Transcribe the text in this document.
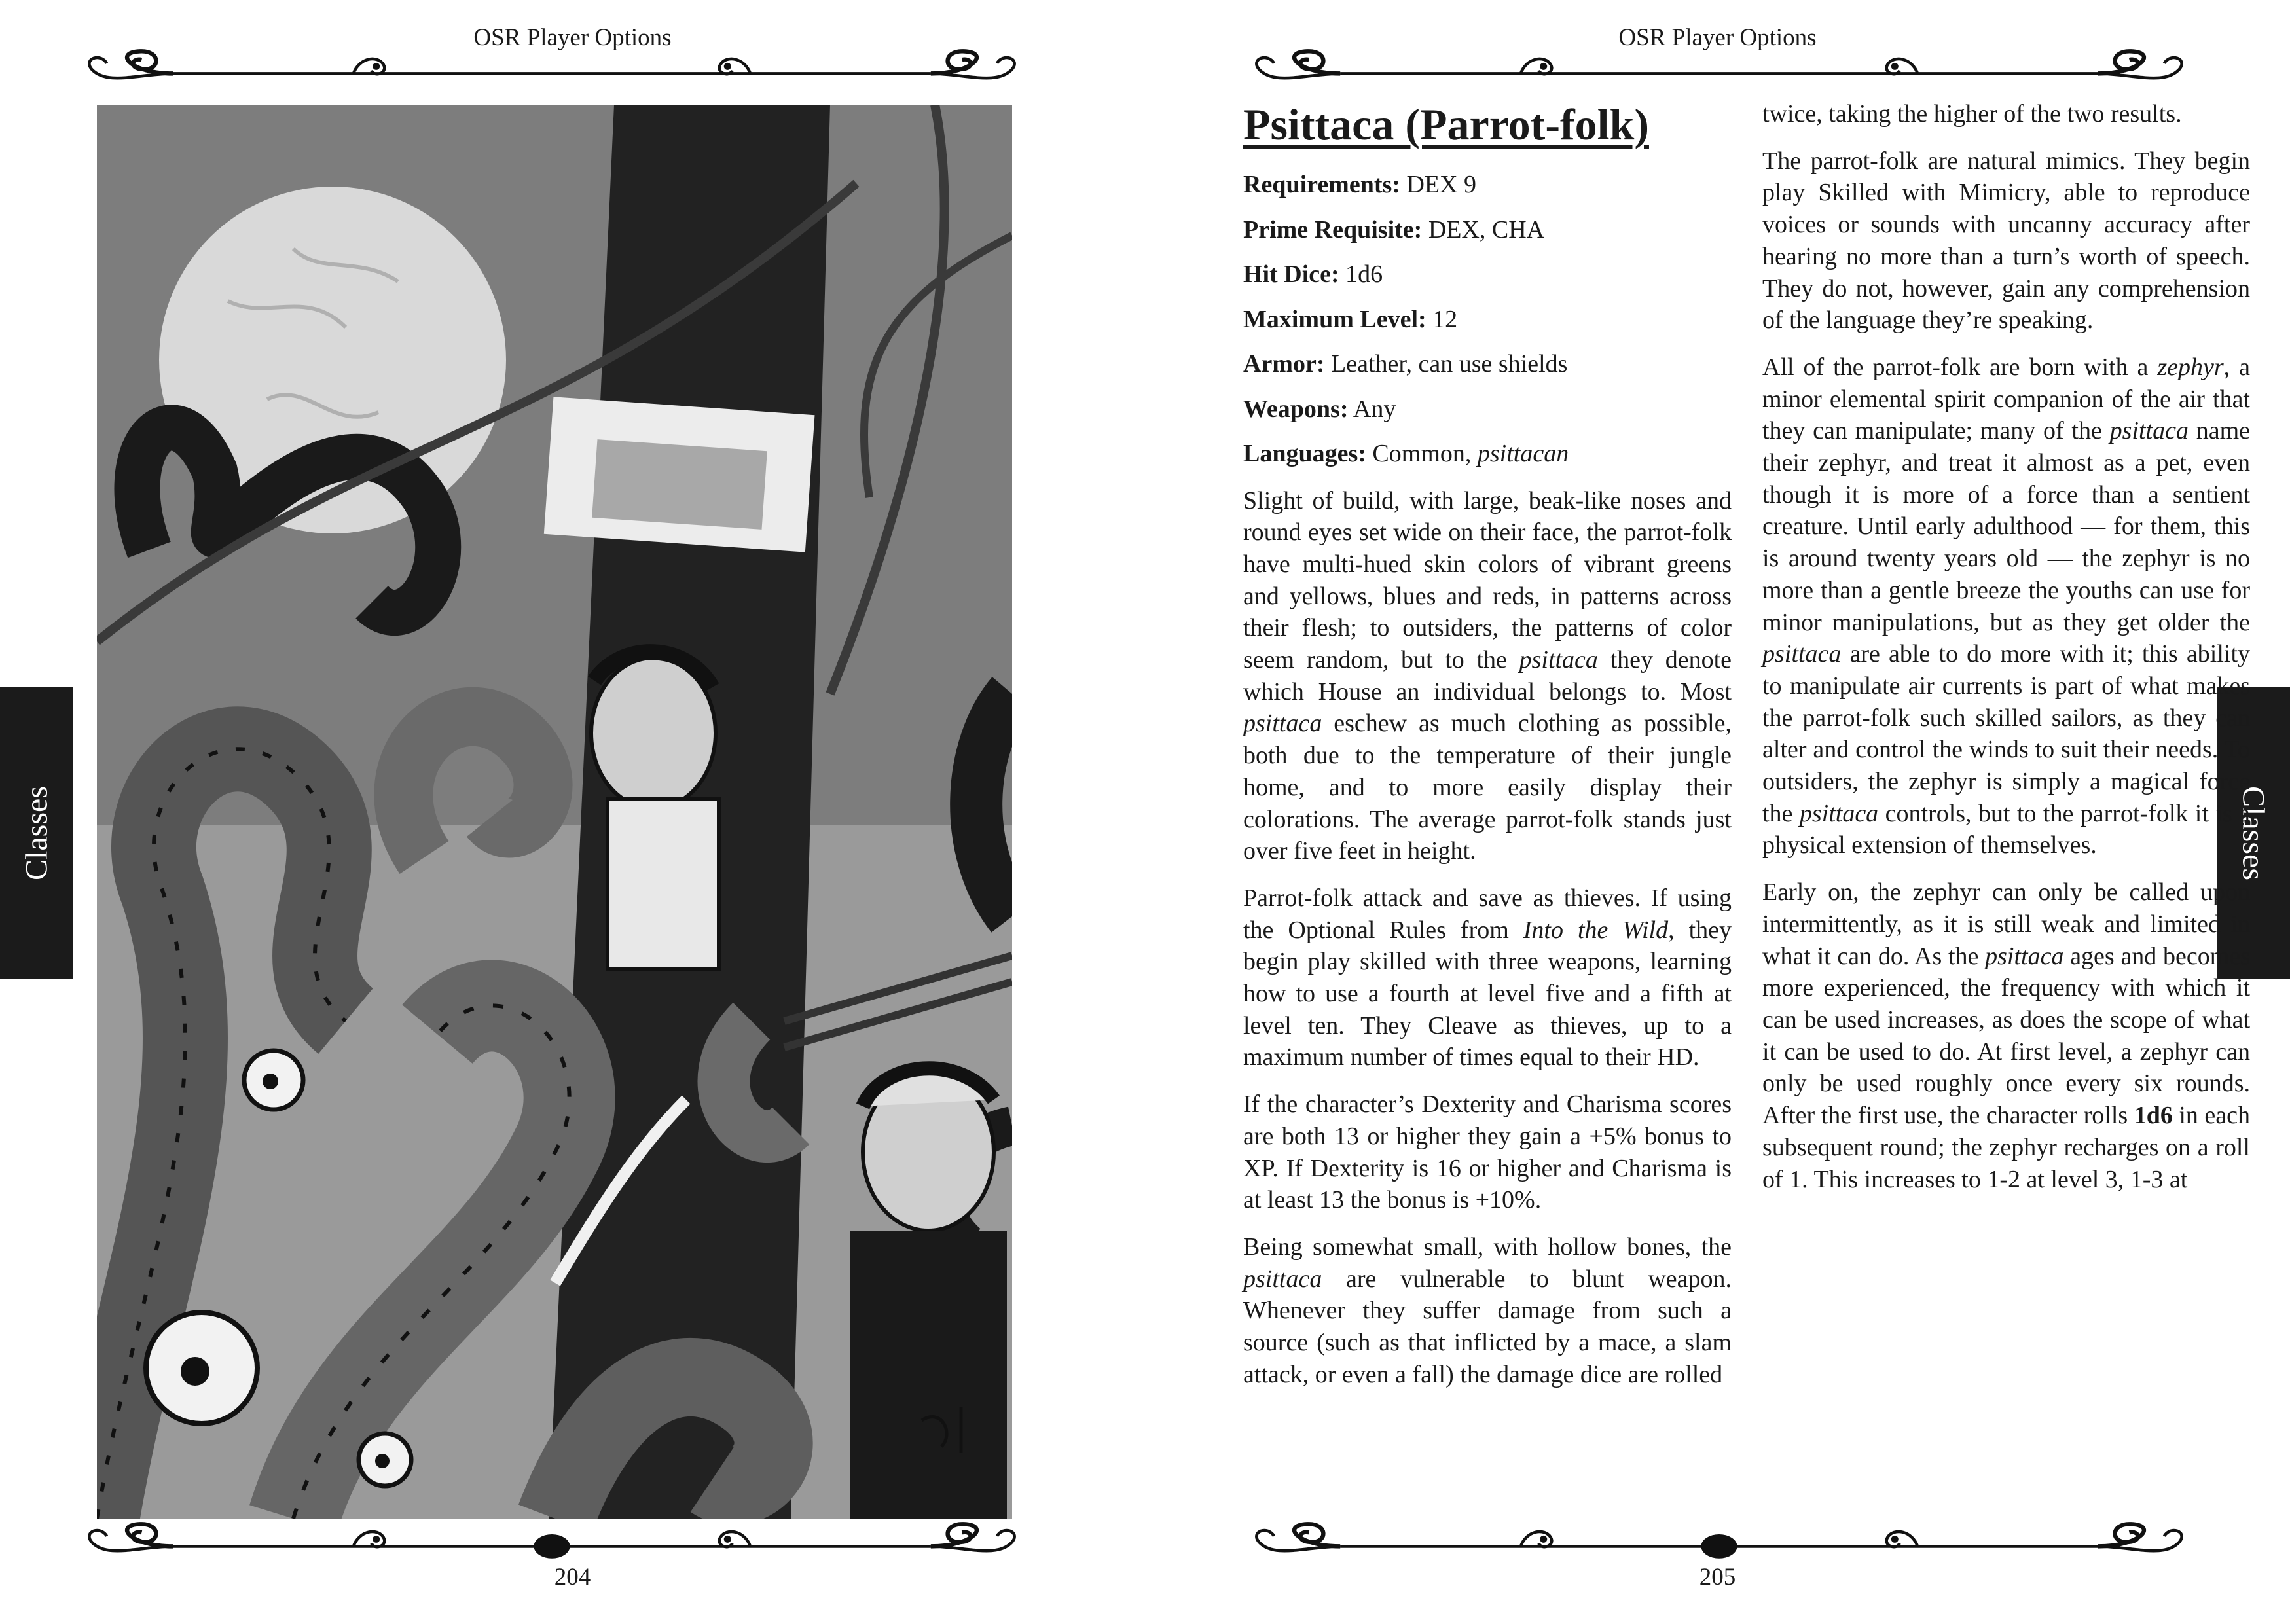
OSR Player Options
Classes
204
OSR Player Options
Classes
Psittaca (Parrot-folk)

Requirements: DEX 9

Prime Requisite: DEX, CHA

Hit Dice: 1d6

Maximum Level: 12

Armor: Leather, can use shields

Weapons: Any

Languages: Common, psittacan

Slight of build, with large, beak-like noses and round eyes set wide on their face, the parrot-folk have multi-hued skin colors of vibrant greens and yellows, blues and reds, in patterns across their flesh; to outsiders, the patterns of color seem random, but to the psittaca they denote which House an individual belongs to. Most psittaca eschew as much clothing as possible, both due to the temperature of their jungle home, and to more easily display their colorations. The average parrot-folk stands just over five feet in height.

Parrot-folk attack and save as thieves. If using the Optional Rules from Into the Wild, they begin play skilled with three weapons, learning how to use a fourth at level five and a fifth at level ten. They Cleave as thieves, up to a maximum number of times equal to their HD.

If the character’s Dexterity and Charisma scores are both 13 or higher they gain a +5% bonus to XP. If Dexterity is 16 or higher and Charisma is at least 13 the bonus is +10%.

Being somewhat small, with hollow bones, the psittaca are vulnerable to blunt weapon. Whenever they suffer damage from such a source (such as that inflicted by a mace, a slam attack, or even a fall) the damage dice are rolled

twice, taking the higher of the two results.

The parrot-folk are natural mimics. They begin play Skilled with Mimicry, able to reproduce voices or sounds with uncanny accuracy after hearing no more than a turn’s worth of speech. They do not, however, gain any comprehension of the language they’re speaking.

All of the parrot-folk are born with a zephyr, a minor elemental spirit companion of the air that they can manipulate; many of the psittaca name their zephyr, and treat it almost as a pet, even though it is more of a force than a sentient creature. Until early adulthood — for them, this is around twenty years old — the zephyr is no more than a gentle breeze the youths can use for minor manipulations, but as they get older the psittaca are able to do more with it; this ability to manipulate air currents is part of what makes the parrot-folk such skilled sailors, as they can alter and control the winds to suit their needs. To outsiders, the zephyr is simply a magical force the psittaca controls, but to the parrot-folk it is a physical extension of themselves.

Early on, the zephyr can only be called upon intermittently, as it is still weak and limited in what it can do. As the psittaca ages and becomes more experienced, the frequency with which it can be used increases, as does the scope of what it can be used to do. At first level, a zephyr can only be used roughly once every six rounds. After the first use, the character rolls 1d6 in each subsequent round; the zephyr recharges on a roll of 1. This increases to 1-2 at level 3, 1-3 at

205
